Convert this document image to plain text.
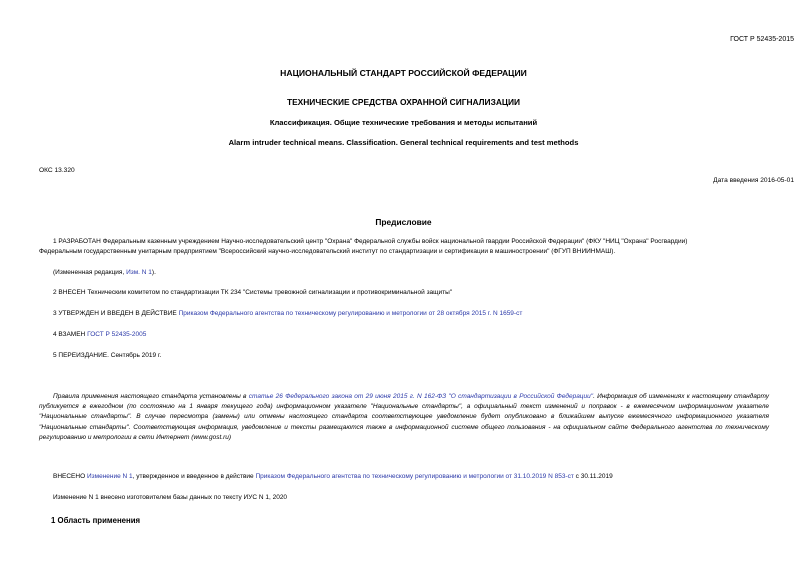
ГОСТ Р 52435-2015
НАЦИОНАЛЬНЫЙ СТАНДАРТ РОССИЙСКОЙ ФЕДЕРАЦИИ
ТЕХНИЧЕСКИЕ СРЕДСТВА ОХРАННОЙ СИГНАЛИЗАЦИИ
Классификация. Общие технические требования и методы испытаний
Alarm intruder technical means. Classification. General technical requirements and test methods
ОКС 13.320
Дата введения 2016-05-01
Предисловие
1 РАЗРАБОТАН Федеральным казенным учреждением Научно-исследовательский центр "Охрана" Федеральной службы войск национальной гвардии Российской Федерации" (ФКУ "НИЦ "Охрана" Росгвардии)
Федеральным государственным унитарным предприятием "Всероссийский научно-исследовательский институт по стандартизации и сертификации в машиностроении" (ФГУП ВНИИНМАШ).
(Измененная редакция, Изм. N 1).
2 ВНЕСЕН Техническим комитетом по стандартизации ТК 234 "Системы тревожной сигнализации и противокриминальной защиты"
3 УТВЕРЖДЕН И ВВЕДЕН В ДЕЙСТВИЕ Приказом Федерального агентства по техническому регулированию и метрологии от 28 октября 2015 г. N 1659-ст
4 ВЗАМЕН ГОСТ Р 52435-2005
5 ПЕРЕИЗДАНИЕ. Сентябрь 2019 г.
Правила применения настоящего стандарта установлены в статье 26 Федерального закона от 29 июня 2015 г. N 162-ФЗ "О стандартизации в Российской Федерации". Информация об изменениях к настоящему стандарту публикуется в ежегодном (по состоянию на 1 января текущего года) информационном указателе "Национальные стандарты", а официальный текст изменений и поправок - в ежемесячном информационном указателе "Национальные стандарты". В случае пересмотра (замены) или отмены настоящего стандарта соответствующее уведомление будет опубликовано в ближайшем выпуске ежемесячного информационного указателя "Национальные стандарты". Соответствующая информация, уведомление и тексты размещаются также в информационной системе общего пользования - на официальном сайте Федерального агентства по техническому регулированию и метрологии в сети Интернет (www.gost.ru)
ВНЕСЕНО Изменение N 1, утвержденное и введенное в действие Приказом Федерального агентства по техническому регулированию и метрологии от 31.10.2019 N 853-ст с 30.11.2019
Изменение N 1 внесено изготовителем базы данных по тексту ИУС N 1, 2020
1 Область применения
